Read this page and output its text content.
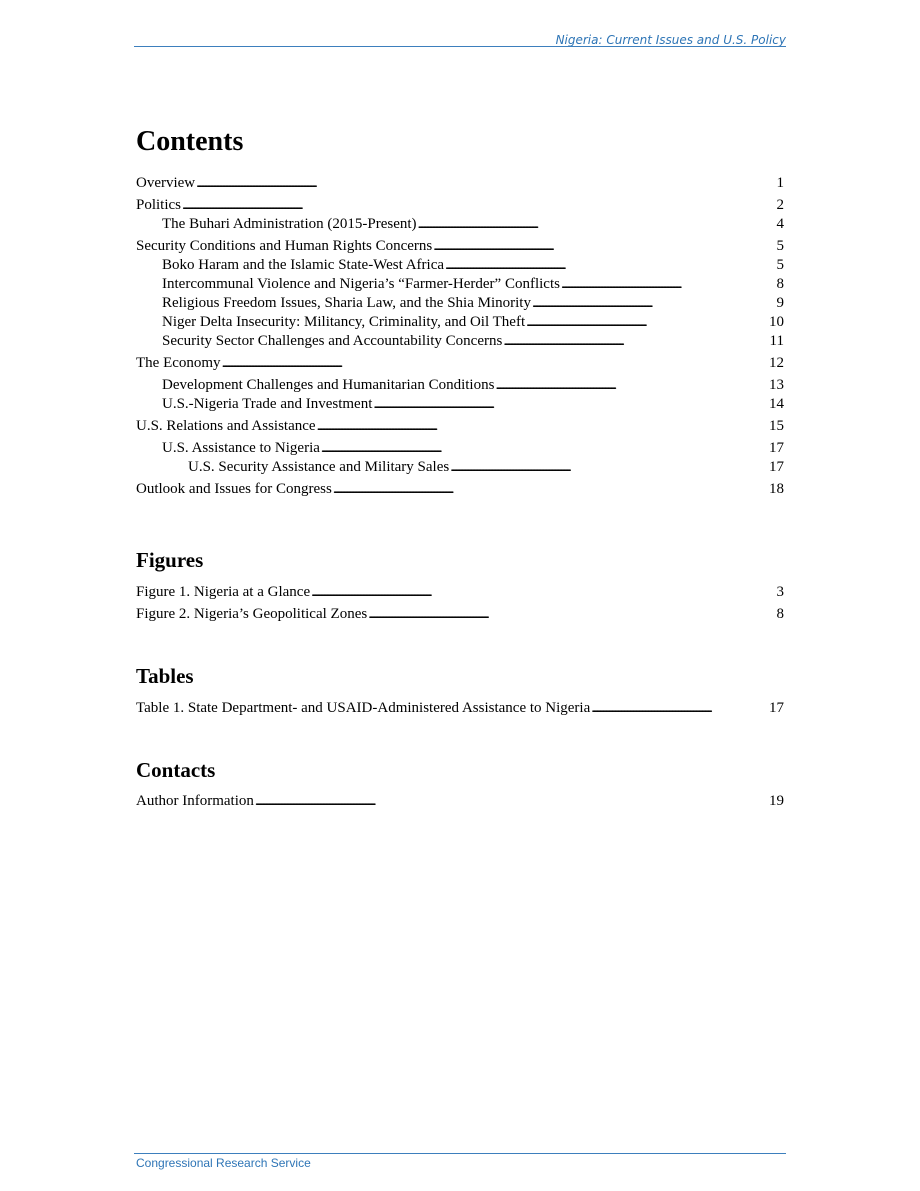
Nigeria: Current Issues and U.S. Policy
Contents
Overview . . .	1
Politics . . .	2
The Buhari Administration (2015-Present) . . .	4
Security Conditions and Human Rights Concerns . . .	5
Boko Haram and the Islamic State-West Africa . . .	5
Intercommunal Violence and Nigeria’s “Farmer-Herder” Conflicts . . .	8
Religious Freedom Issues, Sharia Law, and the Shia Minority . . .	9
Niger Delta Insecurity: Militancy, Criminality, and Oil Theft . . .	10
Security Sector Challenges and Accountability Concerns . . .	11
The Economy . . .	12
Development Challenges and Humanitarian Conditions . . .	13
U.S.-Nigeria Trade and Investment . . .	14
U.S. Relations and Assistance . . .	15
U.S. Assistance to Nigeria . . .	17
U.S. Security Assistance and Military Sales . . .	17
Outlook and Issues for Congress . . .	18
Figures
Figure 1. Nigeria at a Glance . . .	3
Figure 2. Nigeria’s Geopolitical Zones . . .	8
Tables
Table 1. State Department- and USAID-Administered Assistance to Nigeria . . .	17
Contacts
Author Information . . .	19
Congressional Research Service
